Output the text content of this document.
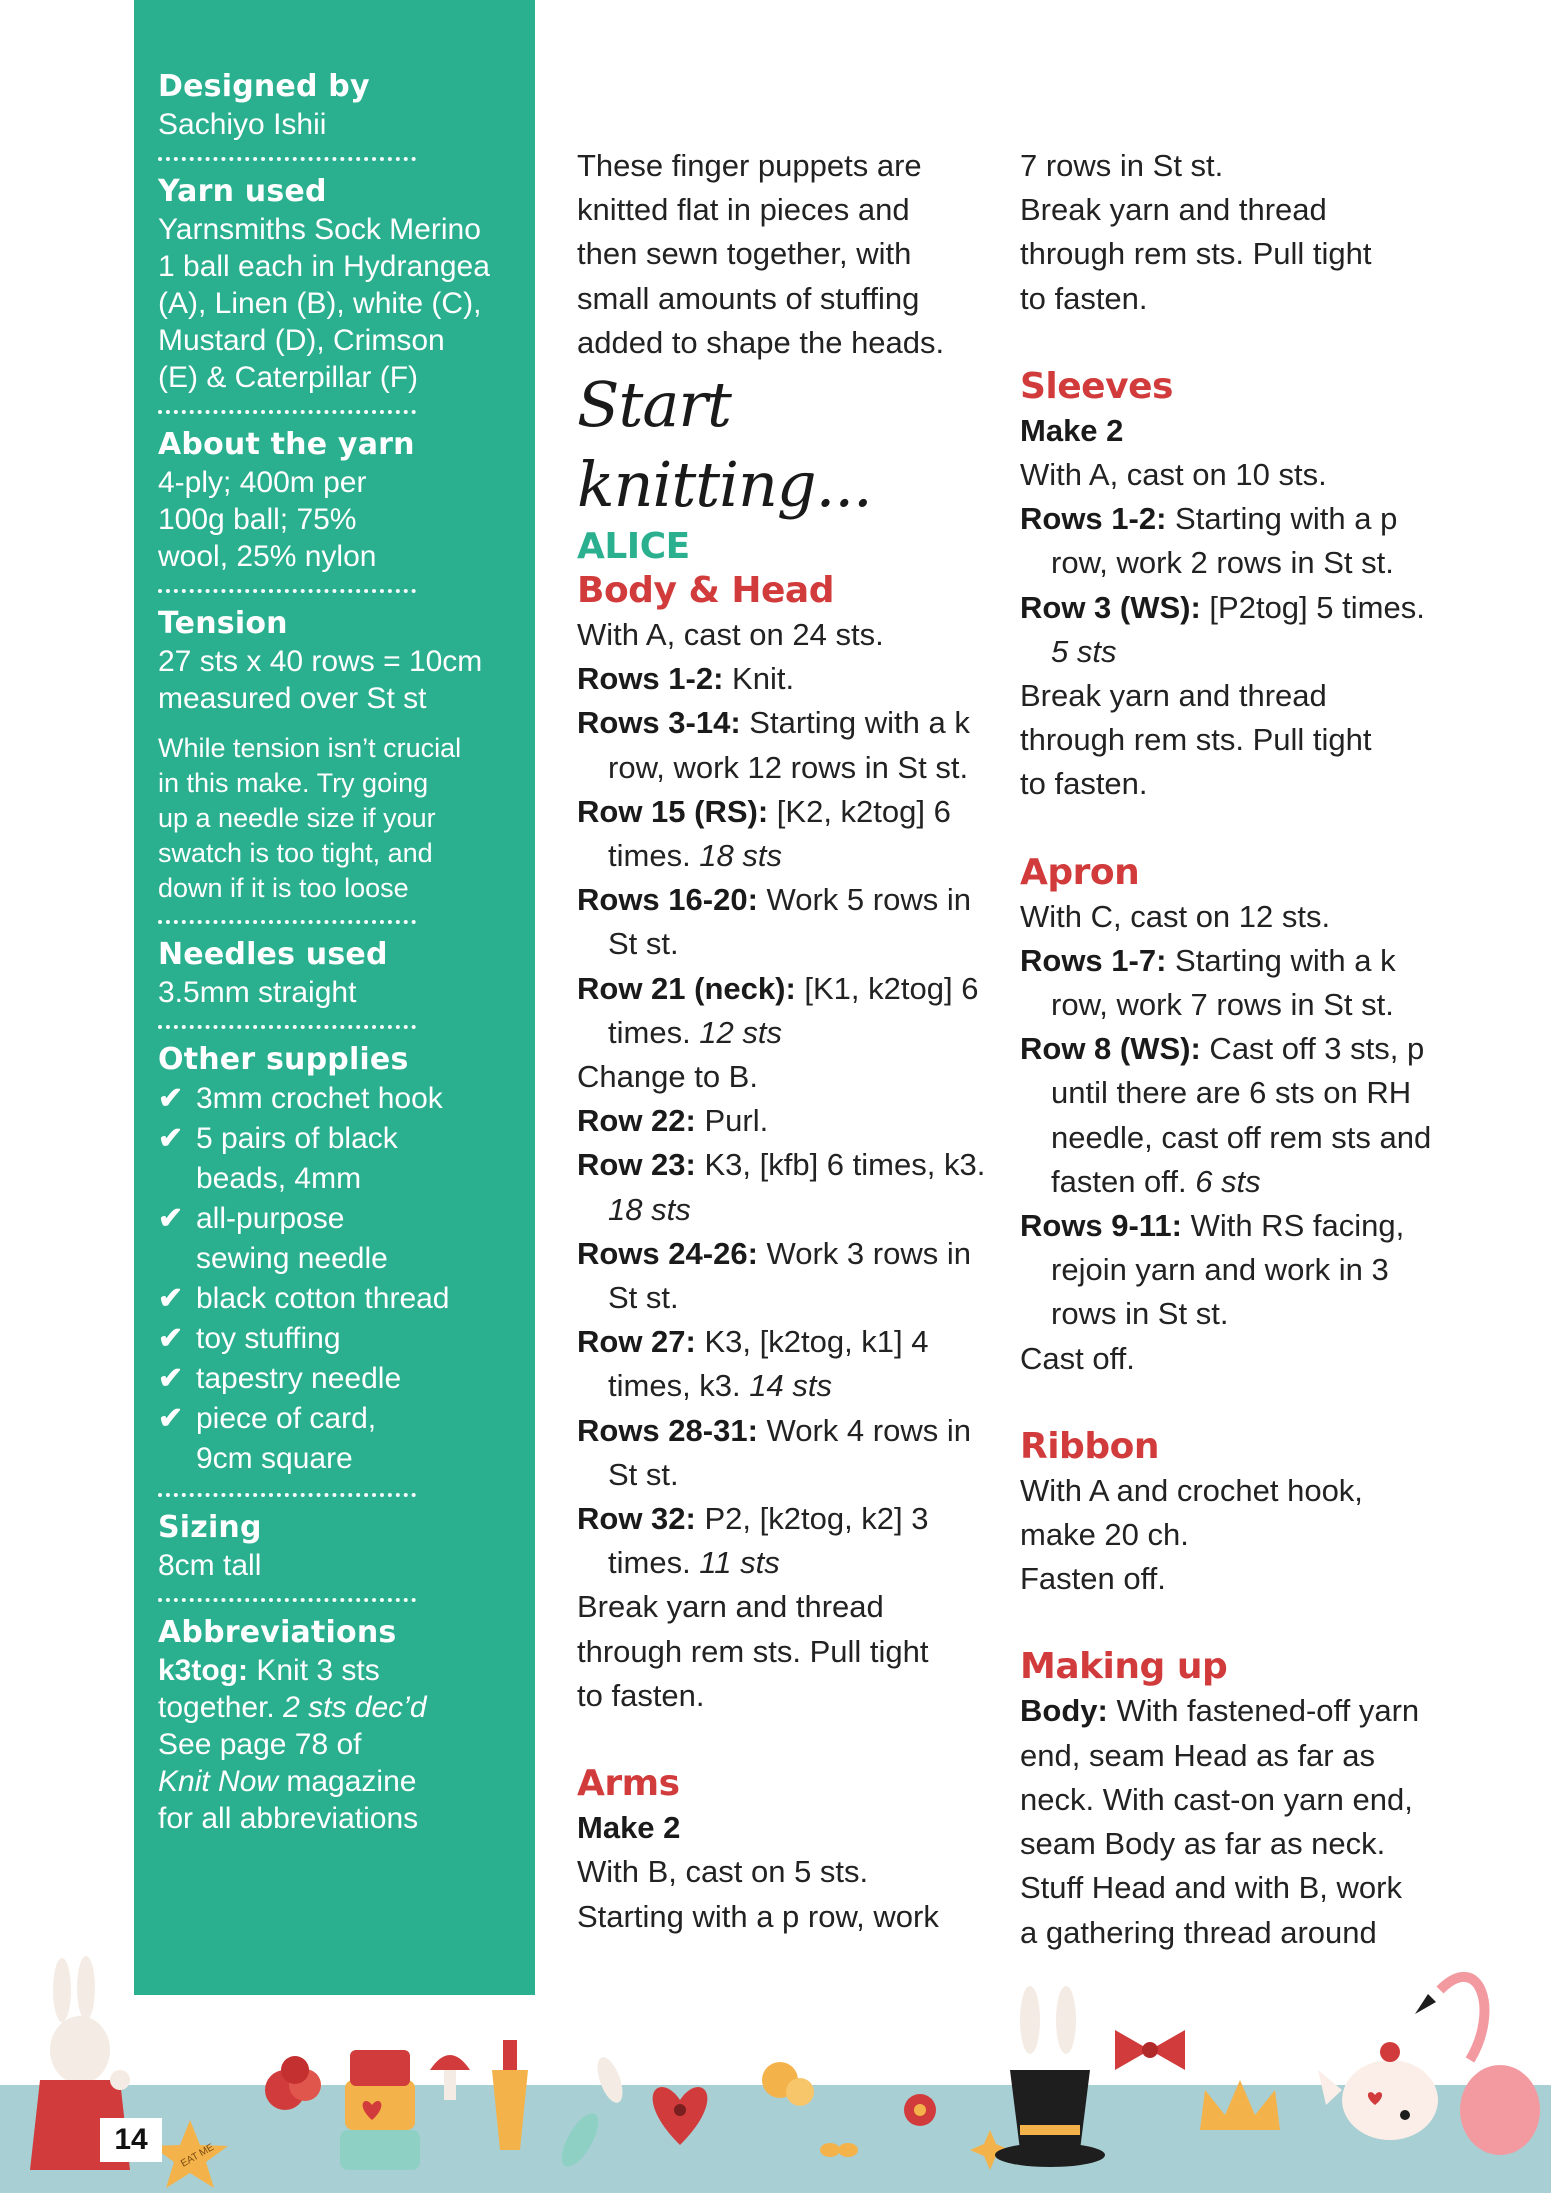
Designed by

Sachiyo Ishii

Yarn used

Yarnsmiths Sock Merino

1 ball each in Hydrangea

(A), Linen (B), white (C),

Mustard (D), Crimson

(E) & Caterpillar (F)

About the yarn

4-ply; 400m per

100g ball; 75%

wool, 25% nylon

Tension

27 sts x 40 rows = 10cm

measured over St st

While tension isn’t crucial

in this make. Try going

up a needle size if your

swatch is too tight, and

down if it is too loose

Needles used

3.5mm straight

Other supplies

✔ 3mm crochet hook
✔ 5 pairs of black
beads, 4mm
✔ all-purpose
sewing needle
✔ black cotton thread
✔ toy stuffing
✔ tapestry needle
✔ piece of card,
9cm square

Sizing

8cm tall

Abbreviations

k3tog: Knit 3 sts

together. 2 sts dec’d

See page 78 of

Knit Now magazine

for all abbreviations

These finger puppets are

knitted flat in pieces and

then sewn together, with

small amounts of stuffing

added to shape the heads.

Start knitting...

ALICE

Body & Head

With A, cast on 24 sts.

Rows 1-2: Knit.

Rows 3-14: Starting with a k row, work 12 rows in St st.

Row 15 (RS): [K2, k2tog] 6 times. 18 sts

Rows 16-20: Work 5 rows in St st.

Row 21 (neck): [K1, k2tog] 6 times. 12 sts

Change to B.

Row 22: Purl.

Row 23: K3, [kfb] 6 times, k3. 18 sts

Rows 24-26: Work 3 rows in St st.

Row 27: K3, [k2tog, k1] 4 times, k3. 14 sts

Rows 28-31: Work 4 rows in St st.

Row 32: P2, [k2tog, k2] 3 times. 11 sts

Break yarn and thread

through rem sts. Pull tight

to fasten.

Arms

Make 2

With B, cast on 5 sts.

Starting with a p row, work

7 rows in St st.

Break yarn and thread

through rem sts. Pull tight

to fasten.

Sleeves

Make 2

With A, cast on 10 sts.

Rows 1-2: Starting with a p row, work 2 rows in St st.

Row 3 (WS): [P2tog] 5 times. 5 sts

Break yarn and thread

through rem sts. Pull tight

to fasten.

Apron

With C, cast on 12 sts.

Rows 1-7: Starting with a k row, work 7 rows in St st.

Row 8 (WS): Cast off 3 sts, p until there are 6 sts on RH needle, cast off rem sts and fasten off. 6 sts

Rows 9-11: With RS facing, rejoin yarn and work in 3 rows in St st.

Cast off.

Ribbon

With A and crochet hook,

make 20 ch.

Fasten off.

Making up

Body: With fastened-off yarn

end, seam Head as far as

neck. With cast-on yarn end,

seam Body as far as neck.

Stuff Head and with B, work

a gathering thread around

EAT ME
14
